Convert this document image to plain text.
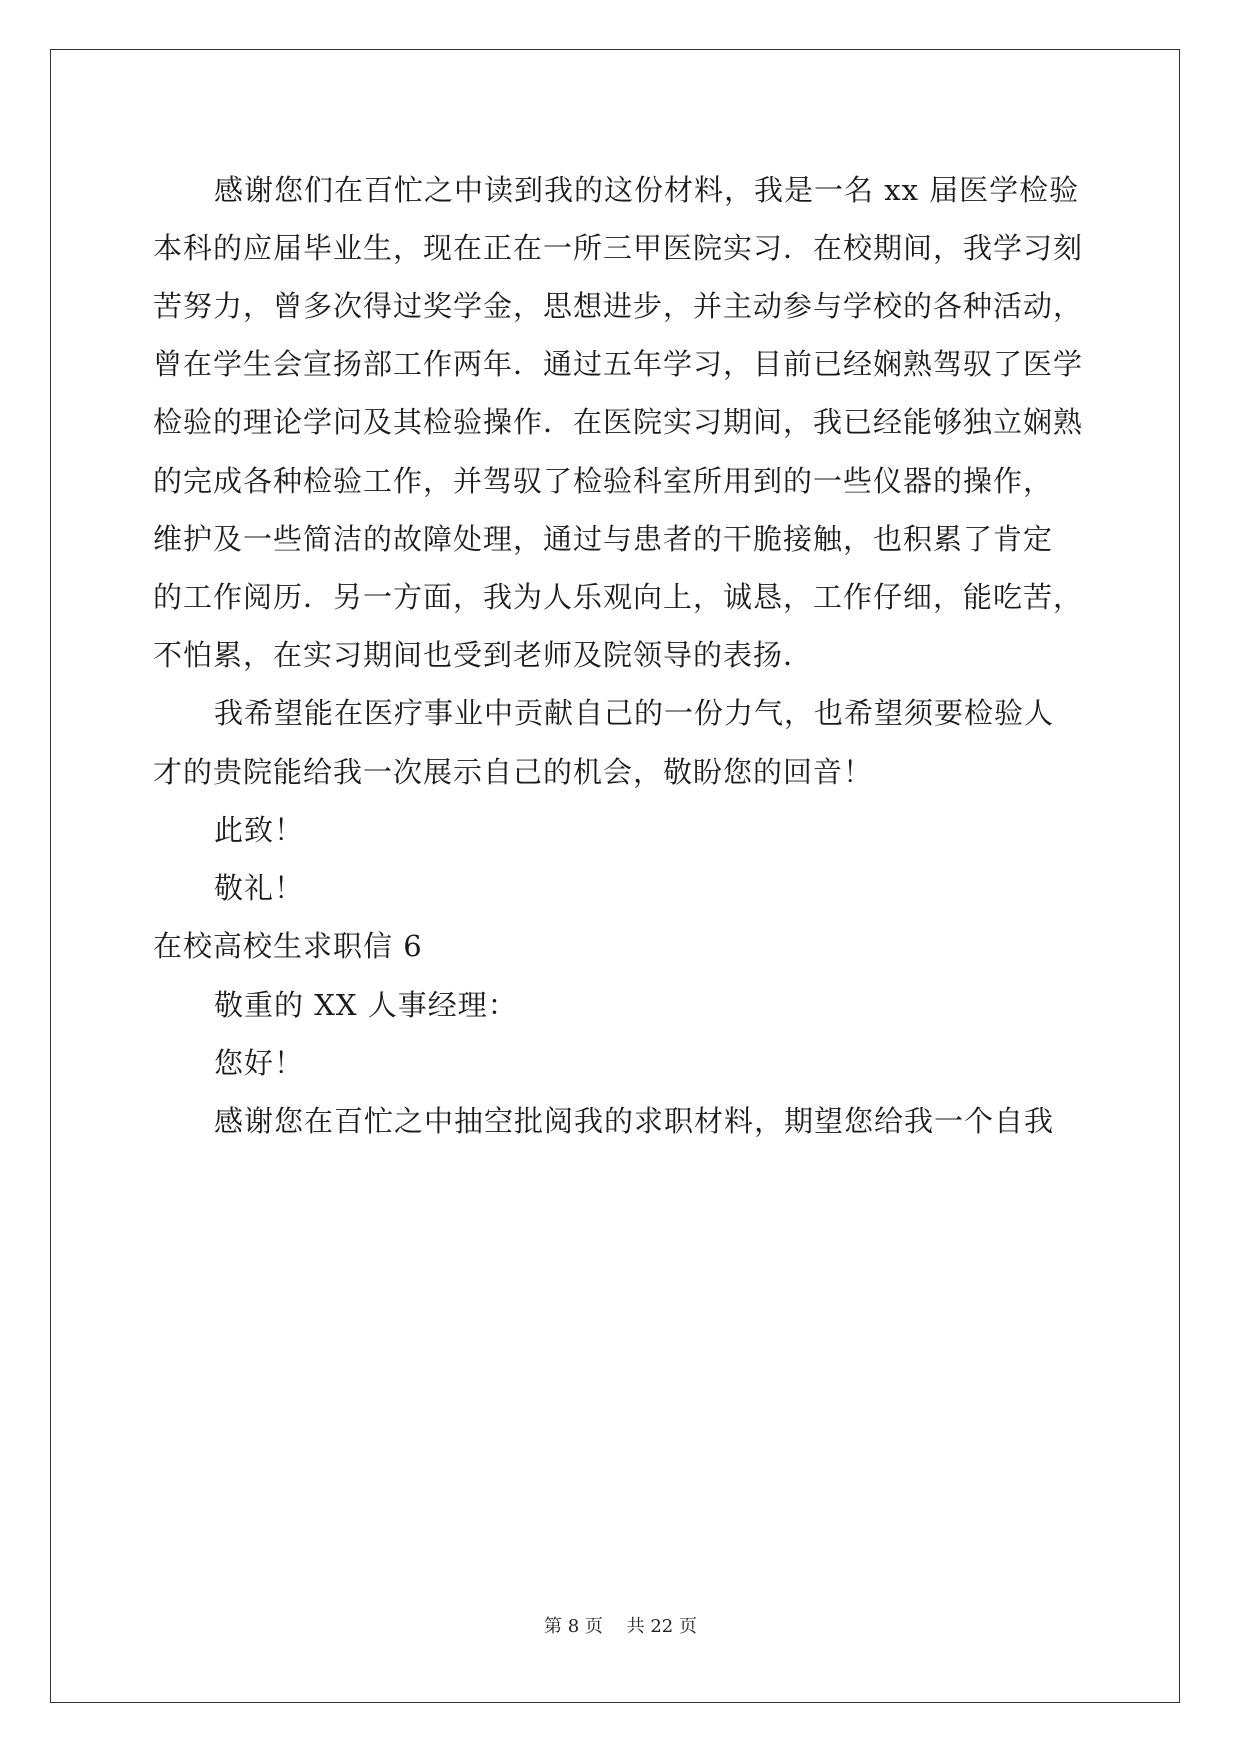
感谢您们在百忙之中读到我的这份材料，我是一名 xx 届医学检验
本科的应届毕业生，现在正在一所三甲医院实习．在校期间，我学习刻
苦努力，曾多次得过奖学金，思想进步，并主动参与学校的各种活动，
曾在学生会宣扬部工作两年．通过五年学习，目前已经娴熟驾驭了医学
检验的理论学问及其检验操作．在医院实习期间，我已经能够独立娴熟
的完成各种检验工作，并驾驭了检验科室所用到的一些仪器的操作，
维护及一些简洁的故障处理，通过与患者的干脆接触，也积累了肯定
的工作阅历．另一方面，我为人乐观向上，诚恳，工作仔细，能吃苦，
不怕累，在实习期间也受到老师及院领导的表扬．
我希望能在医疗事业中贡献自己的一份力气，也希望须要检验人
才的贵院能给我一次展示自己的机会，敬盼您的回音！
此致！
敬礼！
在校高校生求职信 6
敬重的 XX 人事经理：
您好！
感谢您在百忙之中抽空批阅我的求职材料，期望您给我一个自我
第 8 页　 共 22 页
